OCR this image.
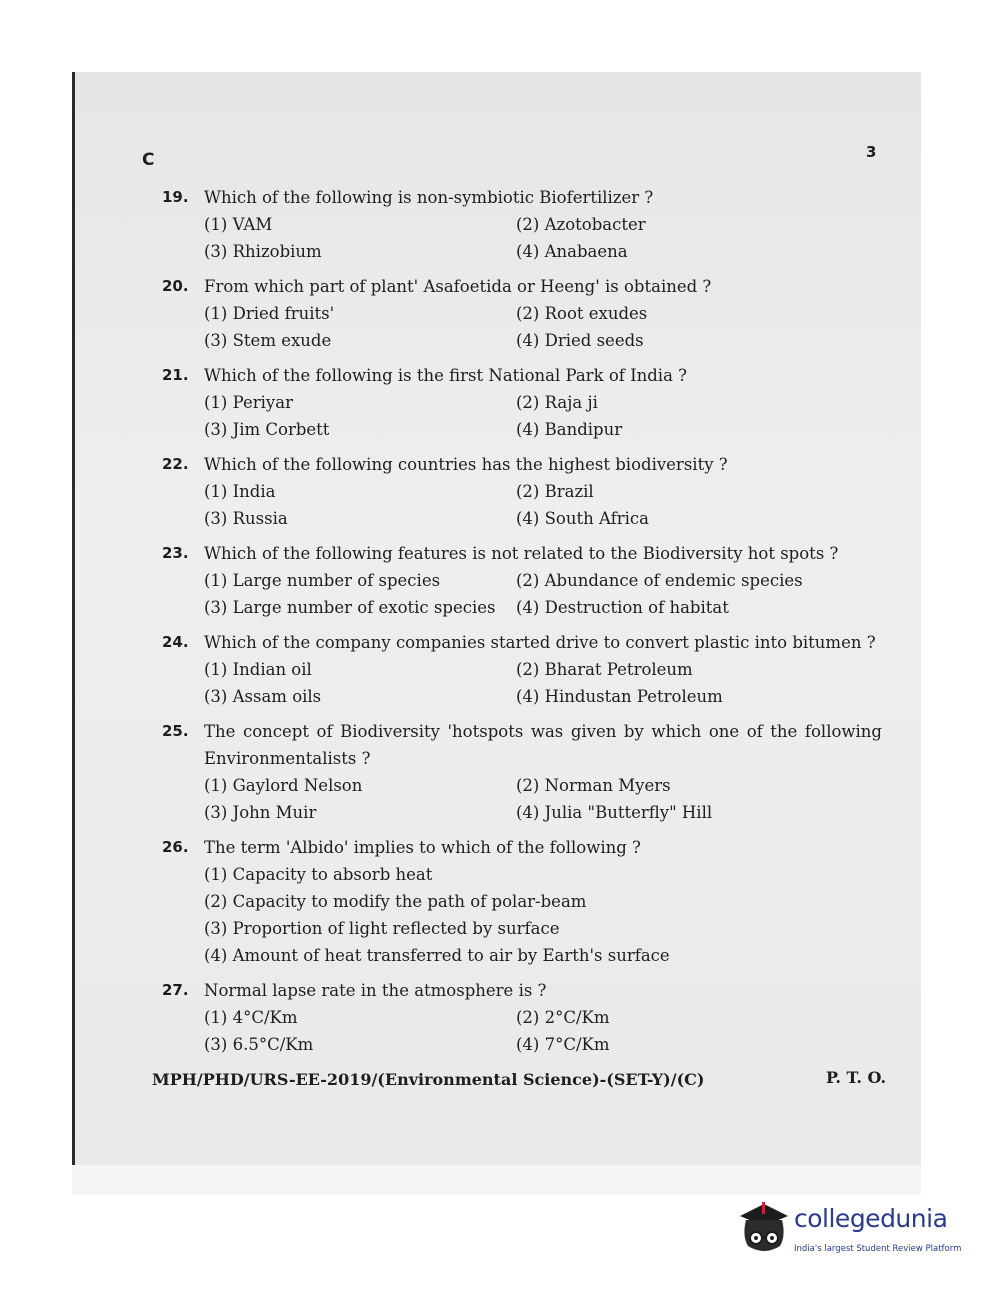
C	3
19. Which of the following is non-symbiotic Biofertilizer ?
(1) VAM	(2) Azotobacter
(3) Rhizobium	(4) Anabaena
20. From which part of plant' Asafoetida or Heeng' is obtained ?
(1) Dried fruits'	(2) Root exudes
(3) Stem exude	(4) Dried seeds
21. Which of the following is the first National Park of India ?
(1) Periyar	(2) Raja ji
(3) Jim Corbett	(4) Bandipur
22. Which of the following countries has the highest biodiversity ?
(1) India	(2) Brazil
(3) Russia	(4) South Africa
23. Which of the following features is not related to the Biodiversity hot spots ?
(1) Large number of species	(2) Abundance of endemic species
(3) Large number of exotic species	(4) Destruction of habitat
24. Which of the company companies started drive to convert plastic into bitumen ?
(1) Indian oil	(2) Bharat Petroleum
(3) Assam oils	(4) Hindustan Petroleum
25. The concept of Biodiversity 'hotspots was given by which one of the following Environmentalists ?
(1) Gaylord Nelson	(2) Norman Myers
(3) John Muir	(4) Julia "Butterfly" Hill
26. The term 'Albido' implies to which of the following ?
(1) Capacity to absorb heat
(2) Capacity to modify the path of polar-beam
(3) Proportion of light reflected by surface
(4) Amount of heat transferred to air by Earth's surface
27. Normal lapse rate in the atmosphere is ?
(1) 4°C/Km	(2) 2°C/Km
(3) 6.5°C/Km	(4) 7°C/Km
MPH/PHD/URS-EE-2019/(Environmental Science)-(SET-Y)/(C)	P. T. O.
collegedunia
India's largest Student Review Platform
